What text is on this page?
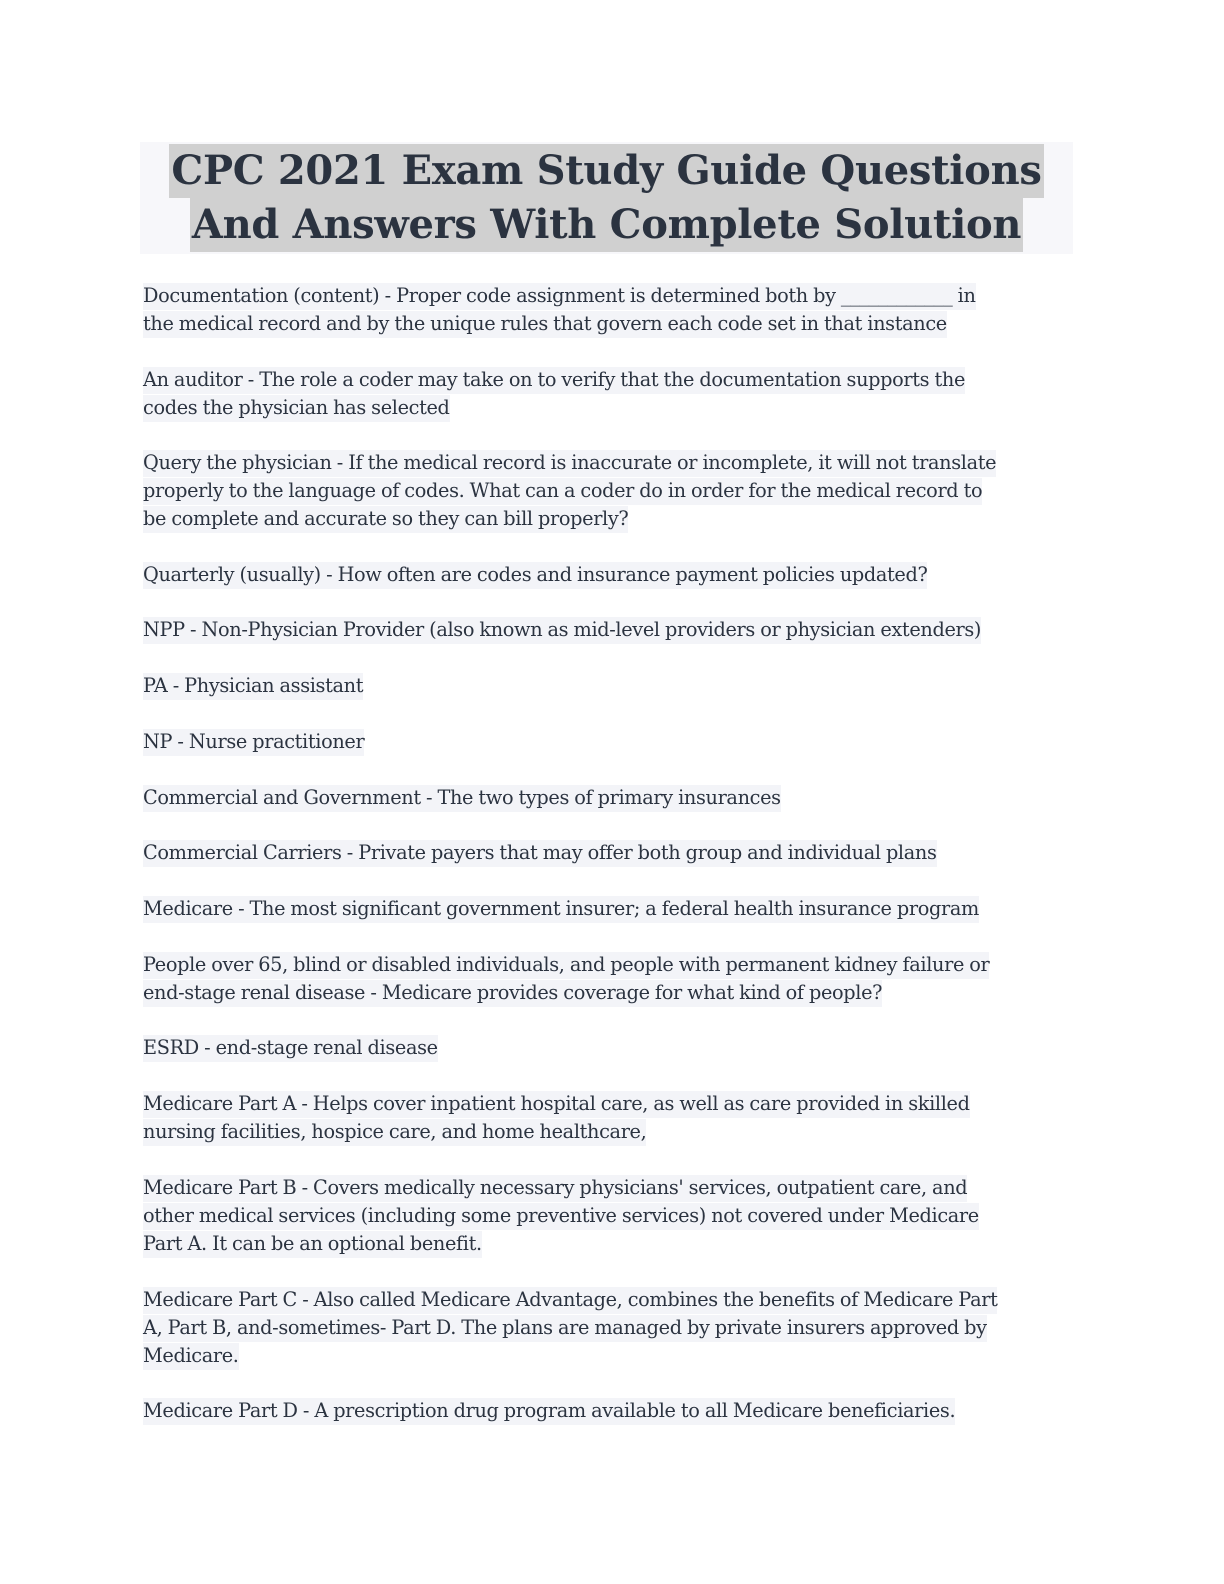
CPC 2021 Exam Study Guide Questions
And Answers With Complete Solution
Documentation (content) - Proper code assignment is determined both by ____________ in
the medical record and by the unique rules that govern each code set in that instance
An auditor - The role a coder may take on to verify that the documentation supports the
codes the physician has selected
Query the physician - If the medical record is inaccurate or incomplete, it will not translate
properly to the language of codes. What can a coder do in order for the medical record to
be complete and accurate so they can bill properly?
Quarterly (usually) - How often are codes and insurance payment policies updated?
NPP - Non-Physician Provider (also known as mid-level providers or physician extenders)
PA - Physician assistant
NP - Nurse practitioner
Commercial and Government - The two types of primary insurances
Commercial Carriers - Private payers that may offer both group and individual plans
Medicare - The most significant government insurer; a federal health insurance program
People over 65, blind or disabled individuals, and people with permanent kidney failure or
end-stage renal disease - Medicare provides coverage for what kind of people?
ESRD - end-stage renal disease
Medicare Part A - Helps cover inpatient hospital care, as well as care provided in skilled
nursing facilities, hospice care, and home healthcare,
Medicare Part B - Covers medically necessary physicians' services, outpatient care, and
other medical services (including some preventive services) not covered under Medicare
Part A. It can be an optional benefit.
Medicare Part C - Also called Medicare Advantage, combines the benefits of Medicare Part
A, Part B, and-sometimes- Part D. The plans are managed by private insurers approved by
Medicare.
Medicare Part D - A prescription drug program available to all Medicare beneficiaries.
